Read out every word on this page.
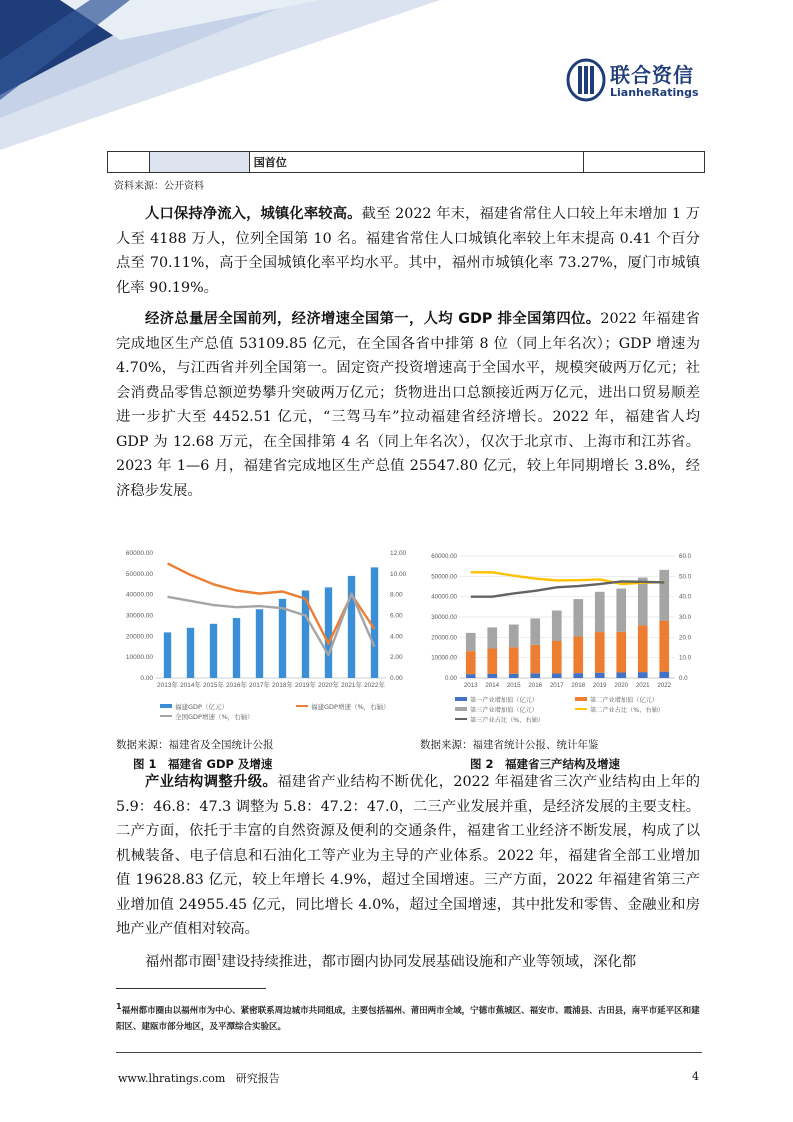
联合资信
LianheRatings
		国首位	
资料来源：公开资料

人口保持净流入，城镇化率较高。截至 2022 年末，福建省常住人口较上年末增加 1 万人至 4188 万人，位列全国第 10 名。福建省常住人口城镇化率较上年末提高 0.41 个百分点至 70.11%，高于全国城镇化率平均水平。其中，福州市城镇化率 73.27%，厦门市城镇化率 90.19%。

经济总量居全国前列，经济增速全国第一，人均 GDP 排全国第四位。2022 年福建省完成地区生产总值 53109.85 亿元，在全国各省中排第 8 位（同上年名次）；GDP 增速为 4.70%，与江西省并列全国第一。固定资产投资增速高于全国水平，规模突破两万亿元；社会消费品零售总额逆势攀升突破两万亿元；货物进出口总额接近两万亿元，进出口贸易顺差进一步扩大至 4452.51 亿元，“三驾马车”拉动福建省经济增长。2022 年，福建省人均 GDP 为 12.68 万元，在全国排第 4 名（同上年名次），仅次于北京市、上海市和江苏省。2023 年 1—6 月，福建省完成地区生产总值 25547.80 亿元，较上年同期增长 3.8%，经济稳步发展。

0.00
10000.00
20000.00
30000.00
40000.00
50000.00
60000.00
0.00
2.00
4.00
6.00
8.00
10.00
12.00
2013年 2014年 2015年 2016年 2017年 2018年 2019年 2020年 2021年 2022年
福建GDP（亿元）	福建GDP增速（%，右轴）
全国GDP增速（%，右轴）
0.00
10000.00
20000.00
30000.00
40000.00
50000.00
60000.00
0.0
10.0
20.0
30.0
40.0
50.0
60.0
2013 2014 2015 2016 2017 2018 2019 2020 2021 2022
第一产业增加值（亿元）	第二产业增加值（亿元）
第三产业增加值（亿元）	第二产业占比（%，右轴）
第三产业占比（%，右轴）
数据来源：福建省及全国统计公报
图 1　福建省 GDP 及增速
数据来源：福建省统计公报、统计年鉴
图 2　福建省三产结构及增速

产业结构调整升级。福建省产业结构不断优化，2022 年福建省三次产业结构由上年的 5.9：46.8：47.3 调整为 5.8：47.2：47.0，二三产业发展并重，是经济发展的主要支柱。二产方面，依托于丰富的自然资源及便利的交通条件，福建省工业经济不断发展，构成了以机械装备、电子信息和石油化工等产业为主导的产业体系。2022 年，福建省全部工业增加值 19628.83 亿元，较上年增长 4.9%，超过全国增速。三产方面，2022 年福建省第三产业增加值 24955.45 亿元，同比增长 4.0%，超过全国增速，其中批发和零售、金融业和房地产业产值相对较高。

福州都市圈$^1$建设持续推进，都市圈内协同发展基础设施和产业等领域，深化都

$^1$福州都市圈由以福州市为中心、紧密联系周边城市共同组成，主要包括福州、莆田两市全域，宁德市蕉城区、福安市、霞浦县、古田县，南平市延平区和建阳区、建瓯市部分地区，及平潭综合实验区。
www.lhratings.com 研究报告	4
